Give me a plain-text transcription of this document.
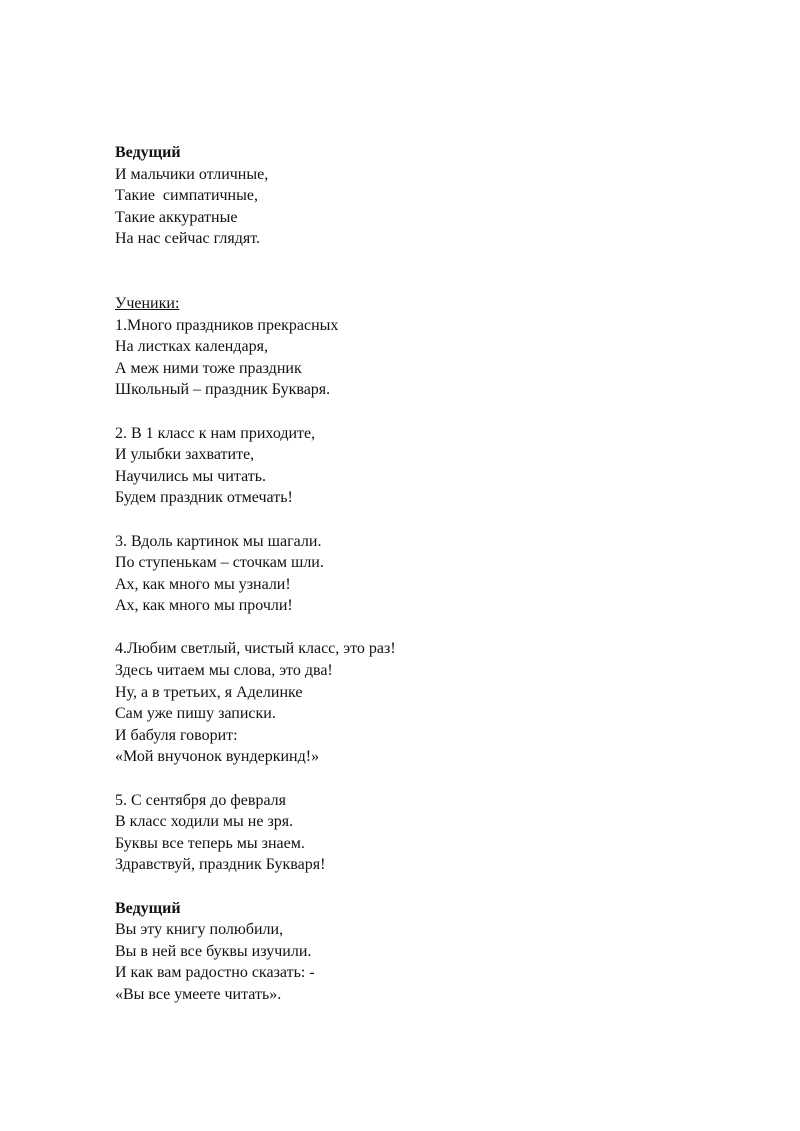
Ведущий
И мальчики отличные,
Такие  симпатичные,
Такие аккуратные
На нас сейчас глядят.
Ученики:
1.Много праздников прекрасных
На листках календаря,
А меж ними тоже праздник
Школьный – праздник Букваря.
2. В 1 класс к нам приходите,
И улыбки захватите,
Научились мы читать.
Будем праздник отмечать!
3. Вдоль картинок мы шагали.
По ступенькам – сточкам шли.
Ах, как много мы узнали!
Ах, как много мы прочли!
4.Любим светлый, чистый класс, это раз!
Здесь читаем мы слова, это два!
Ну, а в третьих, я Аделинке
Сам уже пишу записки.
И бабуля говорит:
«Мой внучонок вундеркинд!»
5. С сентября до февраля
В класс ходили мы не зря.
Буквы все теперь мы знаем.
Здравствуй, праздник Букваря!
Ведущий
Вы эту книгу полюбили,
Вы в ней все буквы изучили.
И как вам радостно сказать: -
«Вы все умеете читать».
